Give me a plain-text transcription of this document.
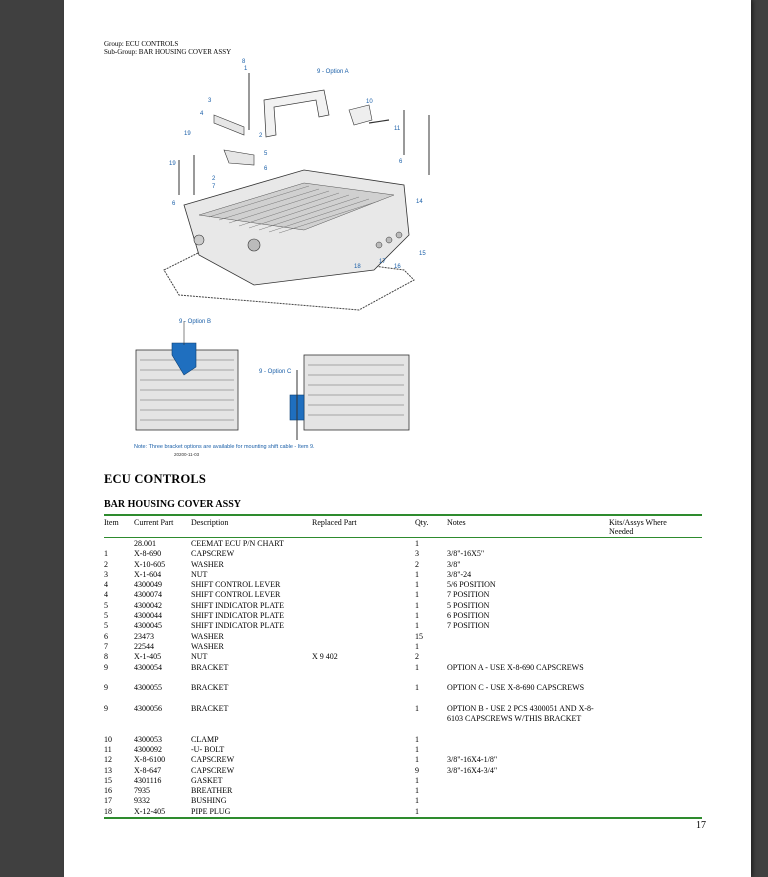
Group: ECU CONTROLS
Sub-Group: BAR HOUSING COVER ASSY
8
9 - Option A
1
3
4
2
10
11
6
19
5
6
19
2
6
7
14
15
16
17
18
9 - Option B
9 - Option C
Note: Three bracket options are available for mounting shift cable - Item 9.
20200-11-03
ECU CONTROLS
BAR HOUSING COVER ASSY
Item Current Part Description	Replaced Part	Qty. Notes	Kits/Assys Where Needed
28.001	CEEMAT ECU P/N CHART	1
1	X-8-690	CAPSCREW	3	3/8"-16X5"
2	X-10-605	WASHER	2	3/8"
3	X-1-604	NUT	1	3/8"-24
4	4300049	SHIFT CONTROL LEVER	1	5/6 POSITION
4	4300074	SHIFT CONTROL LEVER	1	7 POSITION
5	4300042	SHIFT INDICATOR PLATE	1	5 POSITION
5	4300044	SHIFT INDICATOR PLATE	1	6 POSITION
5	4300045	SHIFT INDICATOR PLATE	1	7 POSITION
6	23473	WASHER	15
7	22544	WASHER	1
8	X-1-405	NUT	X 9 402	2
9	4300054	BRACKET	1	OPTION A - USE X-8-690 CAPSCREWS
9	4300055	BRACKET	1	OPTION C - USE X-8-690 CAPSCREWS
9	4300056	BRACKET	1	OPTION B - USE 2 PCS 4300051 AND X-8-6103 CAPSCREWS W/THIS BRACKET
10	4300053	CLAMP	1
11	4300092	-U- BOLT	1
12	X-8-6100	CAPSCREW	1	3/8"-16X4-1/8"
13	X-8-647	CAPSCREW	9	3/8"-16X4-3/4"
15	4301116	GASKET	1
16	7935	BREATHER	1
17	9332	BUSHING	1
18	X-12-405	PIPE PLUG	1
17
